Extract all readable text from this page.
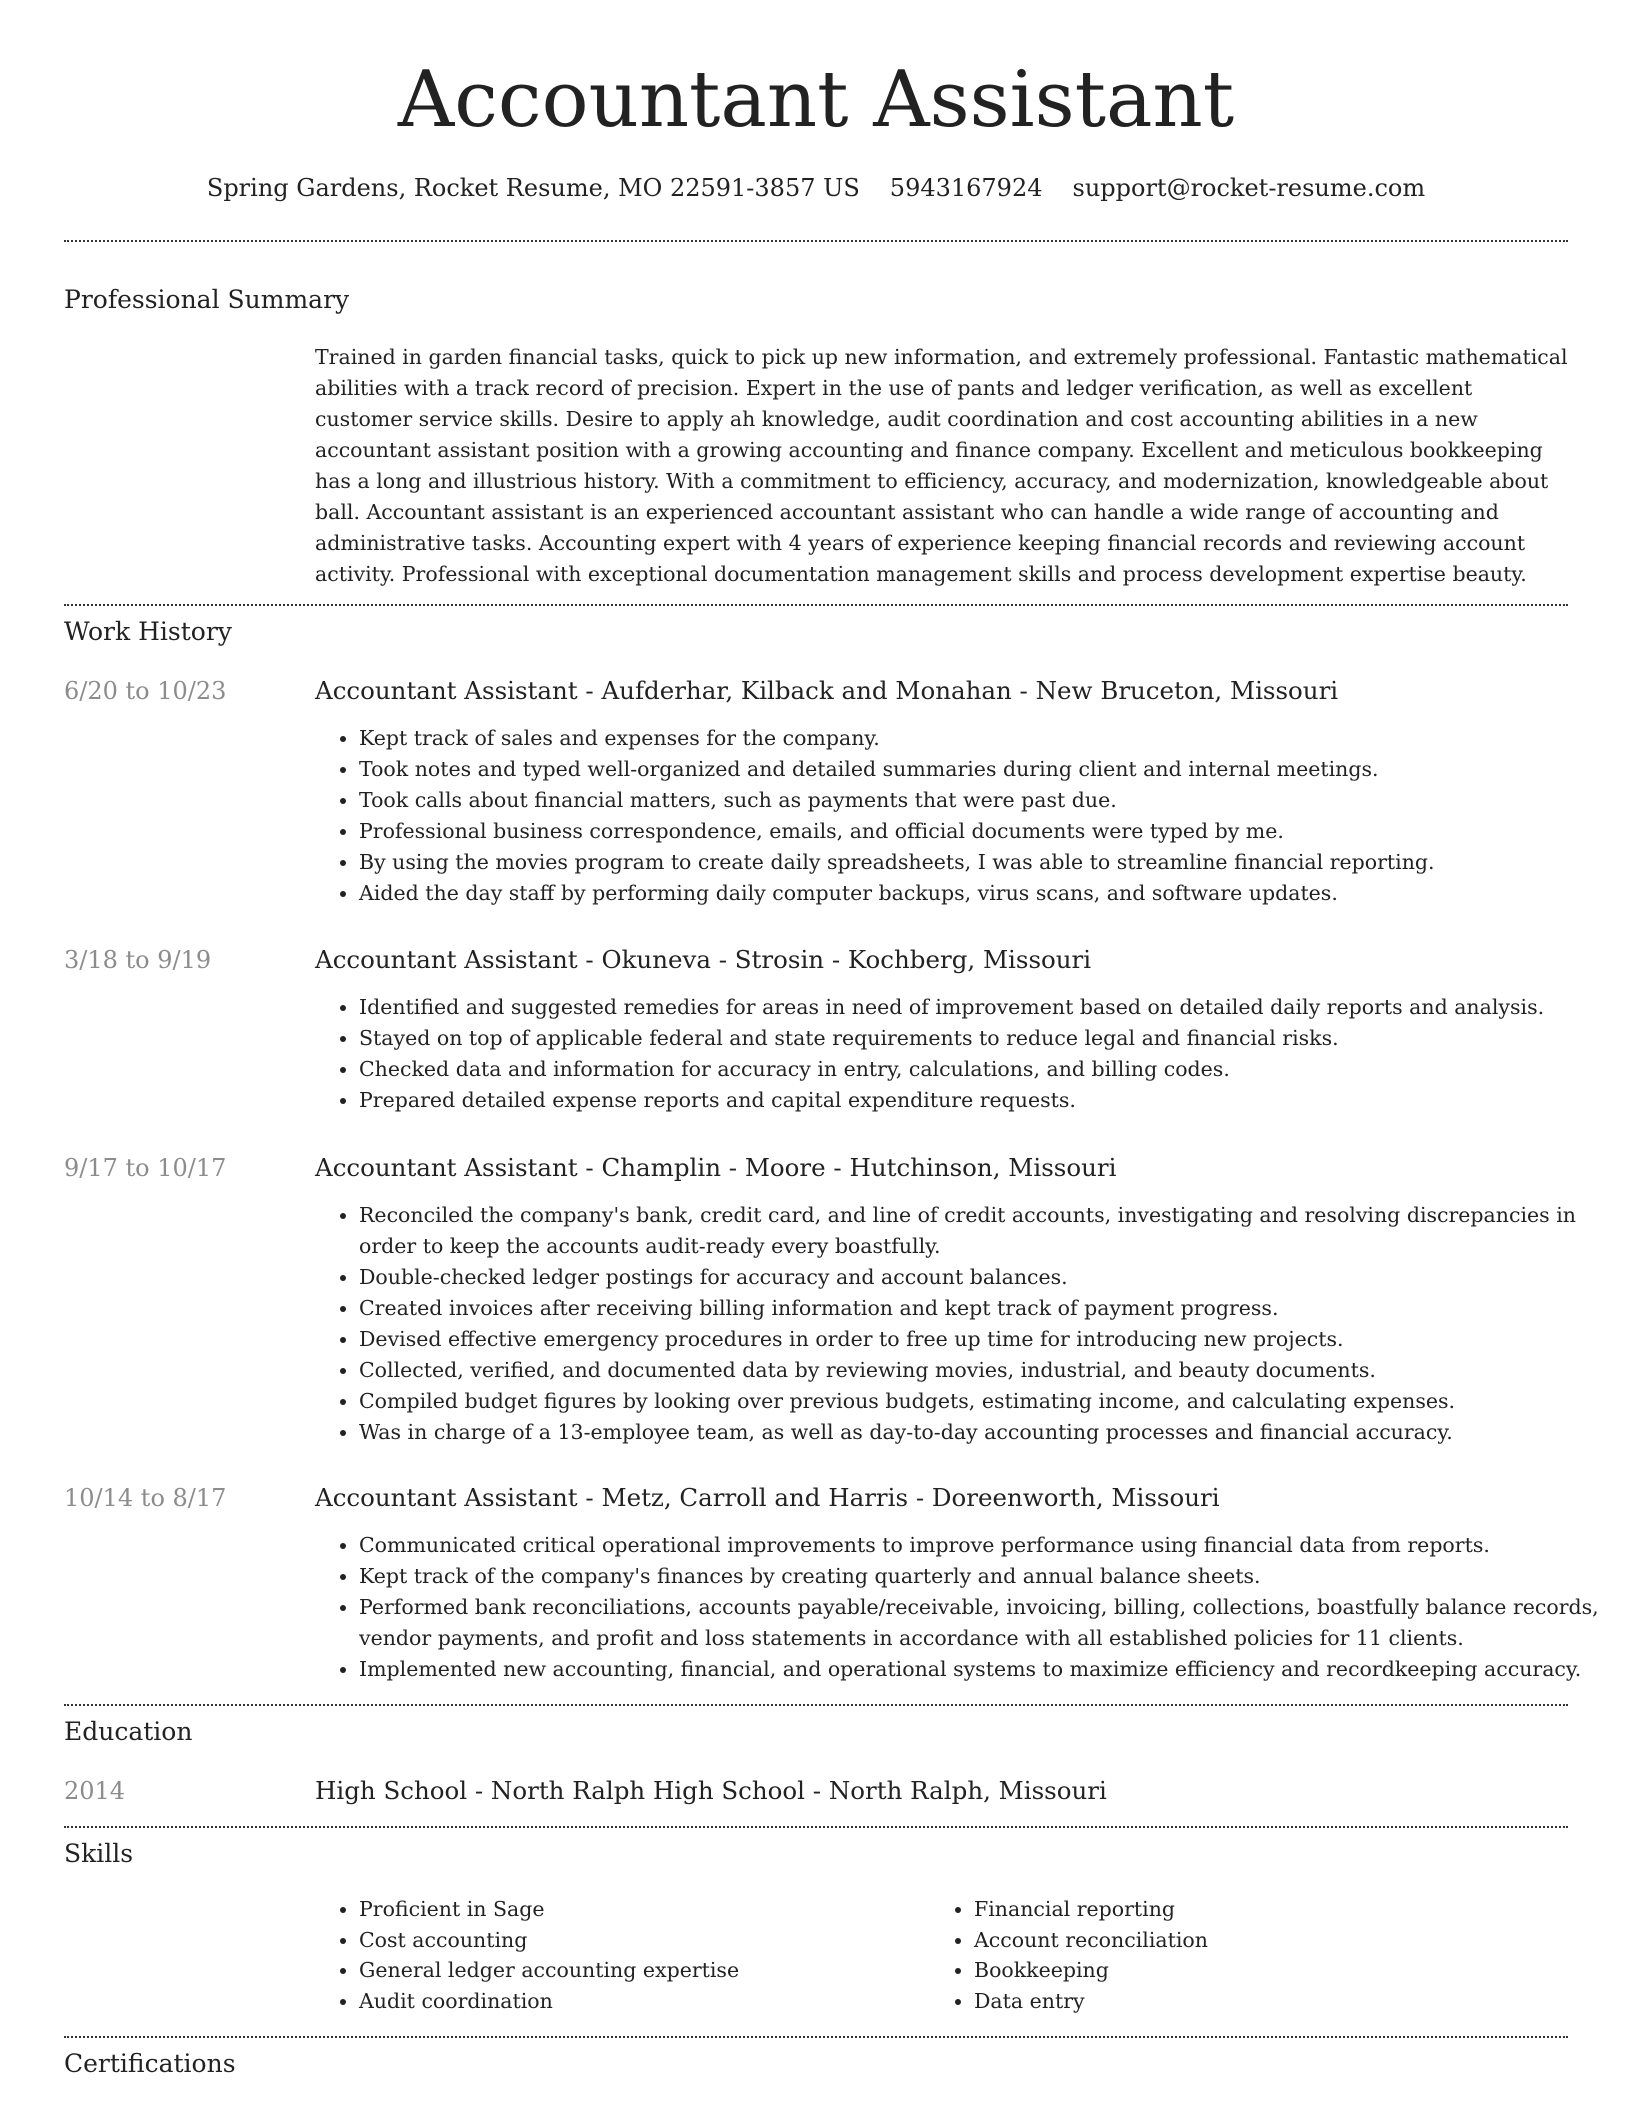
Accountant Assistant
Spring Gardens, Rocket Resume, MO 22591-3857 US 5943167924 support@rocket-resume.com
Professional Summary

Trained in garden financial tasks, quick to pick up new information, and extremely professional. Fantastic mathematical abilities with a track record of precision. Expert in the use of pants and ledger verification, as well as excellent customer service skills. Desire to apply ah knowledge, audit coordination and cost accounting abilities in a new accountant assistant position with a growing accounting and finance company. Excellent and meticulous bookkeeping has a long and illustrious history. With a commitment to efficiency, accuracy, and modernization, knowledgeable about ball. Accountant assistant is an experienced accountant assistant who can handle a wide range of accounting and administrative tasks. Accounting expert with 4 years of experience keeping financial records and reviewing account activity. Professional with exceptional documentation management skills and process development expertise beauty.

Work History
6/20 to 10/23	Accountant Assistant - Aufderhar, Kilback and Monahan - New Bruceton, Missouri
• Kept track of sales and expenses for the company.
• Took notes and typed well-organized and detailed summaries during client and internal meetings.
• Took calls about financial matters, such as payments that were past due.
• Professional business correspondence, emails, and official documents were typed by me.
• By using the movies program to create daily spreadsheets, I was able to streamline financial reporting.
• Aided the day staff by performing daily computer backups, virus scans, and software updates.
3/18 to 9/19	Accountant Assistant - Okuneva - Strosin - Kochberg, Missouri
• Identified and suggested remedies for areas in need of improvement based on detailed daily reports and analysis.
• Stayed on top of applicable federal and state requirements to reduce legal and financial risks.
• Checked data and information for accuracy in entry, calculations, and billing codes.
• Prepared detailed expense reports and capital expenditure requests.
9/17 to 10/17	Accountant Assistant - Champlin - Moore - Hutchinson, Missouri
• Reconciled the company's bank, credit card, and line of credit accounts, investigating and resolving discrepancies in order to keep the accounts audit-ready every boastfully.
• Double-checked ledger postings for accuracy and account balances.
• Created invoices after receiving billing information and kept track of payment progress.
• Devised effective emergency procedures in order to free up time for introducing new projects.
• Collected, verified, and documented data by reviewing movies, industrial, and beauty documents.
• Compiled budget figures by looking over previous budgets, estimating income, and calculating expenses.
• Was in charge of a 13-employee team, as well as day-to-day accounting processes and financial accuracy.
10/14 to 8/17	Accountant Assistant - Metz, Carroll and Harris - Doreenworth, Missouri
• Communicated critical operational improvements to improve performance using financial data from reports.
• Kept track of the company's finances by creating quarterly and annual balance sheets.
• Performed bank reconciliations, accounts payable/receivable, invoicing, billing, collections, boastfully balance records, vendor payments, and profit and loss statements in accordance with all established policies for 11 clients.
• Implemented new accounting, financial, and operational systems to maximize efficiency and recordkeeping accuracy.
Education
2014	High School - North Ralph High School - North Ralph, Missouri
Skills
• Proficient in Sage
• Cost accounting
• General ledger accounting expertise
• Audit coordination
• Financial reporting
• Account reconciliation
• Bookkeeping
• Data entry
Certifications
